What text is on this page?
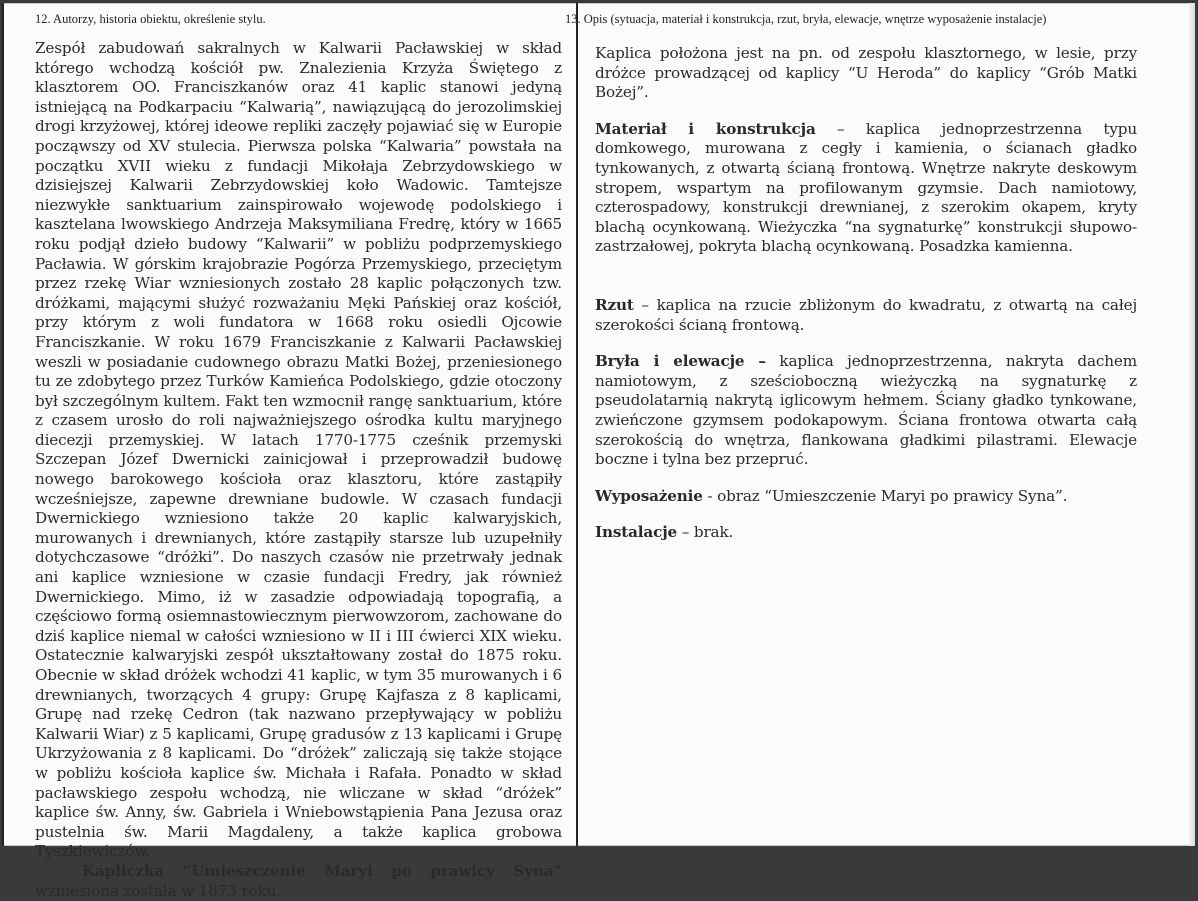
12. Autorzy, historia obiektu, określenie stylu.

Zespół zabudowań sakralnych w Kalwarii Pacławskiej w skład którego wchodzą kościół pw. Znalezienia Krzyża Świętego z klasztorem OO. Franciszkanów oraz 41 kaplic stanowi jedyną istniejącą na Podkarpaciu “Kalwarią”, nawiązującą do jerozolimskiej drogi krzyżowej, której ideowe repliki zaczęły pojawiać się w Europie począwszy od XV stulecia. Pierwsza polska “Kalwaria” powstała na początku XVII wieku z fundacji Mikołaja Zebrzydowskiego w dzisiejszej Kalwarii Zebrzydowskiej koło Wadowic. Tamtejsze niezwykłe sanktuarium zainspirowało wojewodę podolskiego i kasztelana lwowskiego Andrzeja Maksymiliana Fredrę, który w 1665 roku podjął dzieło budowy “Kalwarii” w pobliżu podprzemyskiego Pacławia. W górskim krajobrazie Pogórza Przemyskiego, przeciętym przez rzekę Wiar wzniesionych zostało 28 kaplic połączonych tzw. dróżkami, mającymi służyć rozważaniu Męki Pańskiej oraz kościół, przy którym z woli fundatora w 1668 roku osiedli Ojcowie Franciszkanie. W roku 1679 Franciszkanie z Kalwarii Pacławskiej weszli w posiadanie cudownego obrazu Matki Bożej, przeniesionego tu ze zdobytego przez Turków Kamieńca Podolskiego, gdzie otoczony był szczególnym kultem. Fakt ten wzmocnił rangę sanktuarium, które z czasem urosło do roli najważniejszego ośrodka kultu maryjnego diecezji przemyskiej. W latach 1770-1775 cześnik przemyski Szczepan Józef Dwernicki zainicjował i przeprowadził budowę nowego barokowego kościoła oraz klasztoru, które zastąpiły wcześniejsze, zapewne drewniane budowle. W czasach fundacji Dwernickiego wzniesiono także 20 kaplic kalwaryjskich, murowanych i drewnianych, które zastąpiły starsze lub uzupełniły dotychczasowe “dróżki”. Do naszych czasów nie przetrwały jednak ani kaplice wzniesione w czasie fundacji Fredry, jak również Dwernickiego. Mimo, iż w zasadzie odpowiadają topografią, a częściowo formą osiemnastowiecznym pierwowzorom, zachowane do dziś kaplice niemal w całości wzniesiono w II i III ćwierci XIX wieku. Ostatecznie kalwaryjski zespół ukształtowany został do 1875 roku. Obecnie w skład dróżek wchodzi 41 kaplic, w tym 35 murowanych i 6 drewnianych, tworzących 4 grupy: Grupę Kajfasza z 8 kaplicami, Grupę nad rzekę Cedron (tak nazwano przepływający w pobliżu Kalwarii Wiar) z 5 kaplicami, Grupę gradusów z 13 kaplicami i Grupę Ukrzyżowania z 8 kaplicami. Do “dróżek” zaliczają się także stojące w pobliżu kościoła kaplice św. Michała i Rafała. Ponadto w skład pacławskiego zespołu wchodzą, nie wliczane w skład “dróżek” kaplice św. Anny, św. Gabriela i Wniebowstąpienia Pana Jezusa oraz pustelnia św. Marii Magdaleny, a także kaplica grobowa Tyszkiewiczów.

Kapliczka “Umieszczenie Maryi po prawicy Syna” wzniesiona została w 1873 roku.

13. Opis (sytuacja, materiał i konstrukcja, rzut, bryła, elewacje, wnętrze wyposażenie instalacje)

Kaplica położona jest na pn. od zespołu klasztornego, w lesie, przy dróżce prowadzącej od kaplicy “U Heroda” do kaplicy “Grób Matki Bożej”.

Materiał i konstrukcja – kaplica jednoprzestrzenna typu domkowego, murowana z cegły i kamienia, o ścianach gładko tynkowanych, z otwartą ścianą frontową. Wnętrze nakryte deskowym stropem, wspartym na profilowanym gzymsie. Dach namiotowy, czterospadowy, konstrukcji drewnianej, z szerokim okapem, kryty blachą ocynkowaną. Wieżyczka “na sygnaturkę” konstrukcji słupowo-zastrzałowej, pokryta blachą ocynkowaną. Posadzka kamienna.

Rzut – kaplica na rzucie zbliżonym do kwadratu, z otwartą na całej szerokości ścianą frontową.

Bryła i elewacje – kaplica jednoprzestrzenna, nakryta dachem namiotowym, z sześcioboczną wieżyczką na sygnaturkę z pseudolatarnią nakrytą iglicowym hełmem. Ściany gładko tynkowane, zwieńczone gzymsem podokapowym. Ściana frontowa otwarta całą szerokością do wnętrza, flankowana gładkimi pilastrami. Elewacje boczne i tylna bez przepruć.

Wyposażenie - obraz “Umieszczenie Maryi po prawicy Syna”.

Instalacje – brak.
